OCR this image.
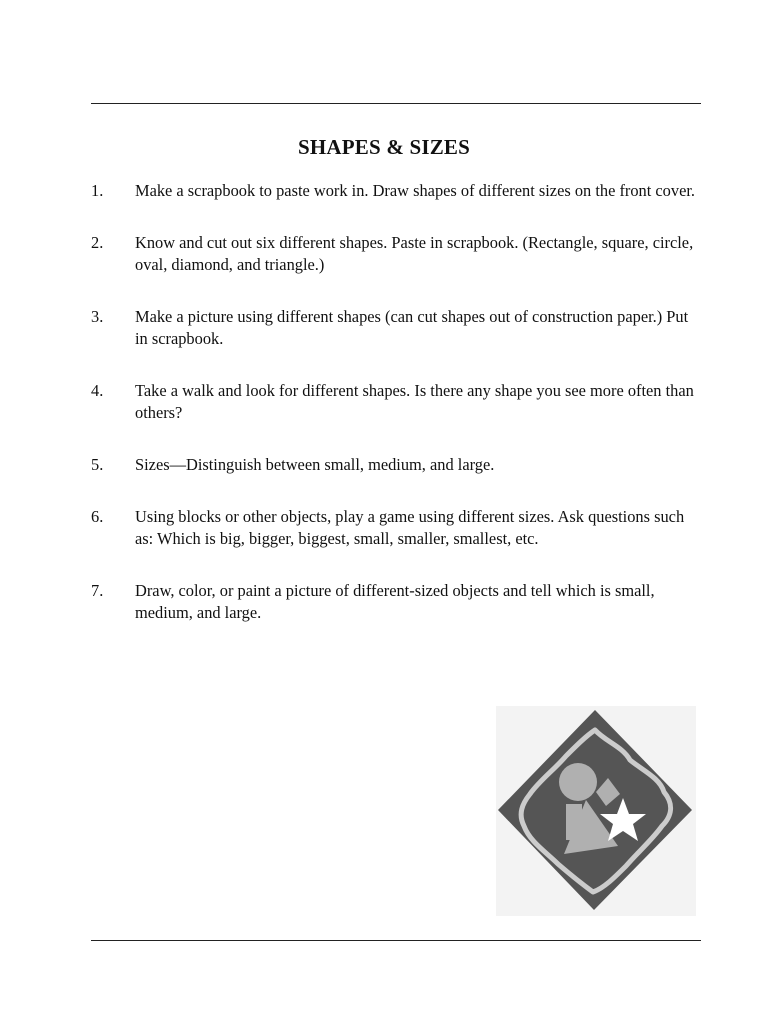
SHAPES & SIZES
1.	Make a scrapbook to paste work in. Draw shapes of different sizes on the front cover.
2.	Know and cut out six different shapes. Paste in scrapbook. (Rectangle, square, circle, oval, diamond, and triangle.)
3.	Make a picture using different shapes (can cut shapes out of construction paper.) Put in scrapbook.
4.	Take a walk and look for different shapes. Is there any shape you see more often than others?
5.	Sizes—Distinguish between small, medium, and large.
6.	Using blocks or other objects, play a game using different sizes. Ask questions such as: Which is big, bigger, biggest, small, smaller, smallest, etc.
7.	Draw, color, or paint a picture of different-sized objects and tell which is small, medium, and large.
